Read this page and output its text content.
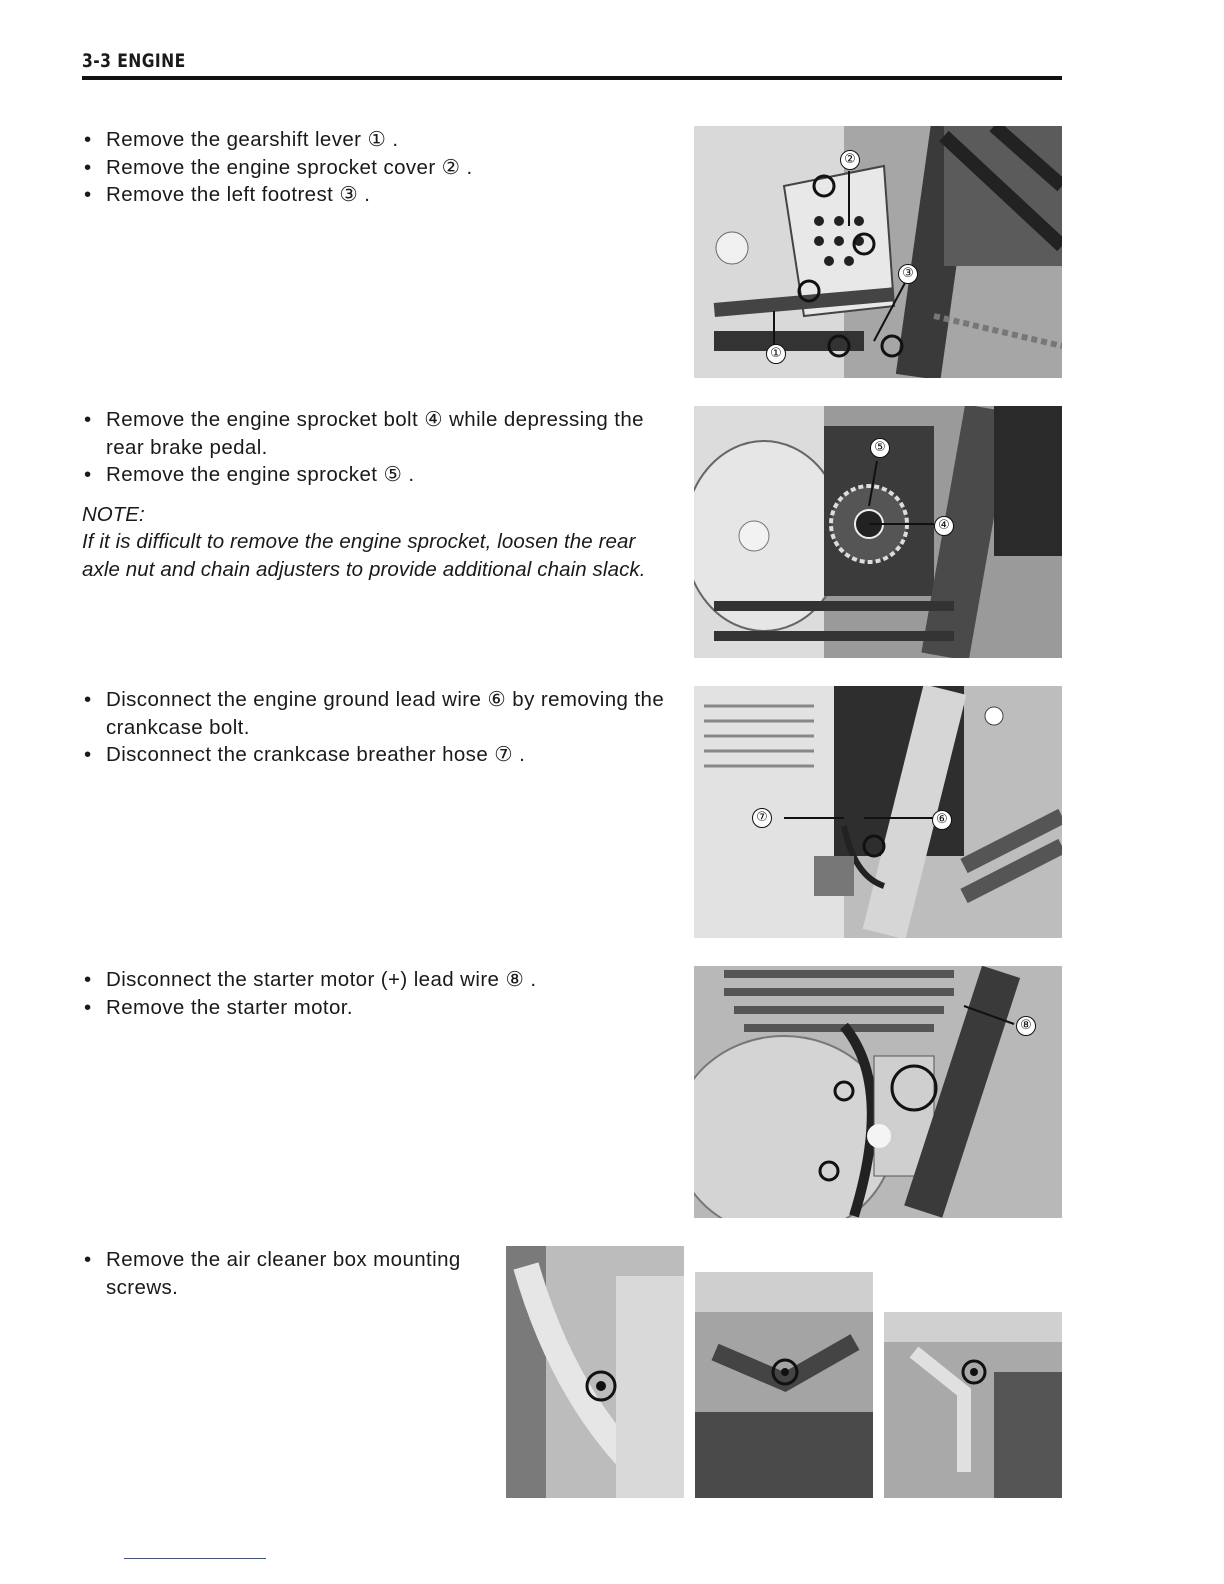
3-3 ENGINE
• Remove the gearshift lever ① .
• Remove the engine sprocket cover ② .
• Remove the left footrest ③ .
• Remove the engine sprocket bolt ④ while depressing the rear brake pedal.
• Remove the engine sprocket ⑤ .
NOTE:
If it is difficult to remove the engine sprocket, loosen the rear axle nut and chain adjusters to provide additional chain slack.
• Disconnect the engine ground lead wire ⑥ by removing the crankcase bolt.
• Disconnect the crankcase breather hose ⑦ .
• Disconnect the starter motor (+) lead wire ⑧ .
• Remove the starter motor.
• Remove the air cleaner box mounting screws.
②
③
①
⑤
④
⑦	⑥
⑧
